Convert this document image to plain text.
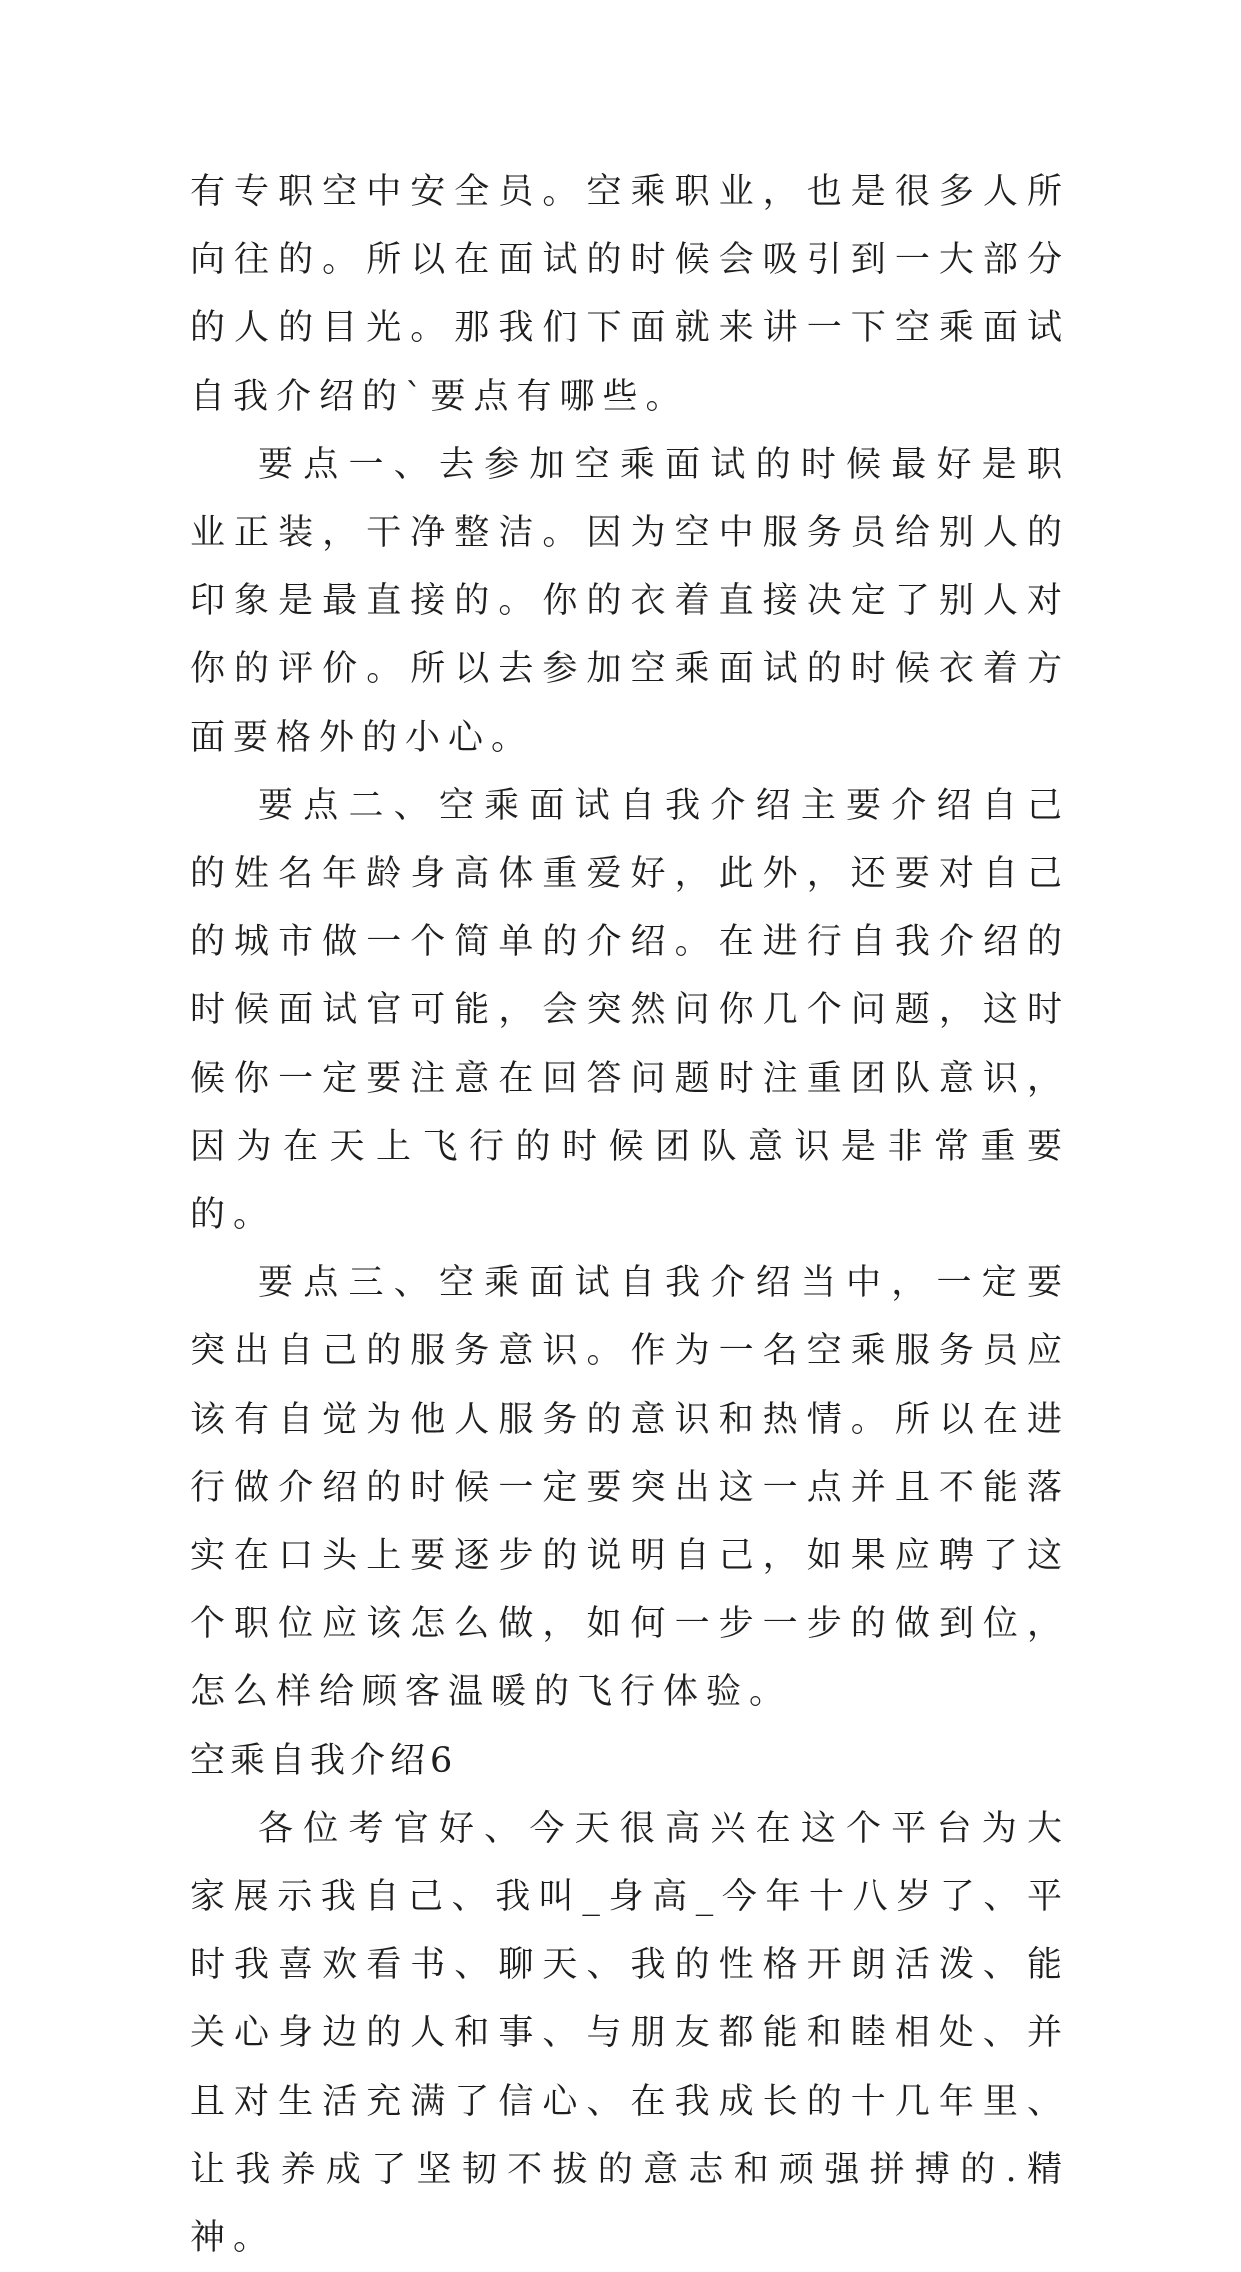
有专职空中安全员。空乘职业，也是很多人所向往的。所以在面试的时候会吸引到一大部分的人的目光。那我们下面就来讲一下空乘面试自我介绍的`要点有哪些。

要点一、去参加空乘面试的时候最好是职业正装，干净整洁。因为空中服务员给别人的印象是最直接的。你的衣着直接决定了别人对你的评价。所以去参加空乘面试的时候衣着方面要格外的小心。

要点二、空乘面试自我介绍主要介绍自己的姓名年龄身高体重爱好，此外，还要对自己的城市做一个简单的介绍。在进行自我介绍的时候面试官可能，会突然问你几个问题，这时候你一定要注意在回答问题时注重团队意识，因为在天上飞行的时候团队意识是非常重要的。

要点三、空乘面试自我介绍当中，一定要突出自己的服务意识。作为一名空乘服务员应该有自觉为他人服务的意识和热情。所以在进行做介绍的时候一定要突出这一点并且不能落实在口头上要逐步的说明自己，如果应聘了这个职位应该怎么做，如何一步一步的做到位，怎么样给顾客温暖的飞行体验。

空乘自我介绍6

各位考官好、今天很高兴在这个平台为大家展示我自己、我叫_身高_今年十八岁了、平时我喜欢看书、聊天、我的性格开朗活泼、能关心身边的人和事、与朋友都能和睦相处、并且对生活充满了信心、在我成长的十几年里、让我养成了坚韧不拔的意志和顽强拼搏的.精神。
